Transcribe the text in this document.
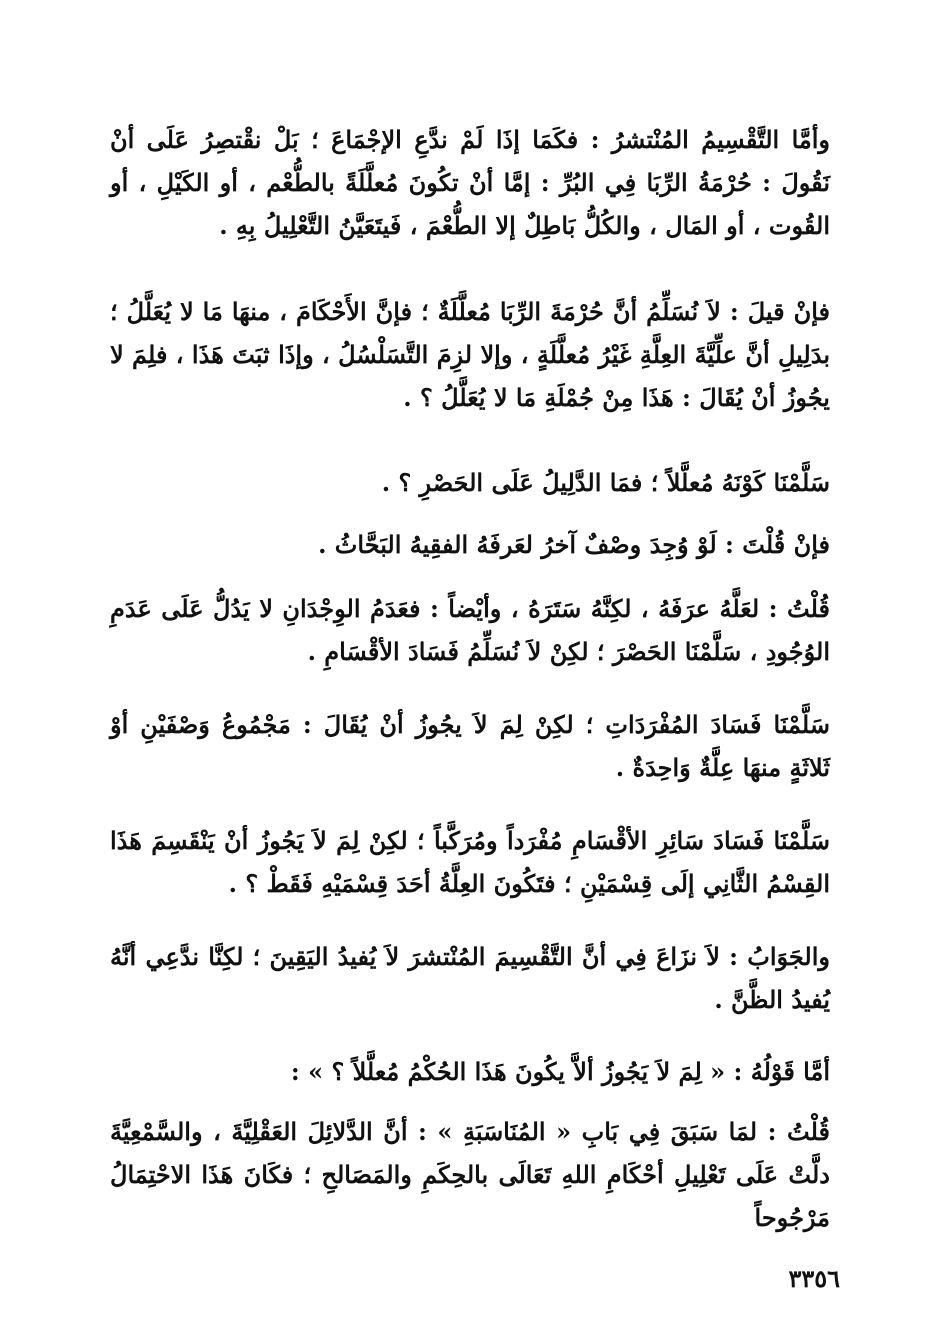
وأمَّا التَّقْسِيمُ المُنْتشرُ : فكَمَا إذَا لَمْ ندَّعِ الإجْمَاعَ ؛ بَلْ نقْتصِرُ عَلَى أنْ نَقُولَ : حُرْمَةُ الرِّبَا فِي البُرِّ : إمَّا أنْ تكُونَ مُعلَّلَةً بالطُّعْم ، أو الكَيْلِ ، أو القُوت ، أو المَال ، والكُلُّ بَاطِلٌ إلا الطُّعْمَ ، فَيتَعَيَّنُ التَّعْلِيلُ بِهِ .
فإنْ قيلَ : لاَ نُسَلِّمُ أنَّ حُرْمَةَ الرِّبَا مُعلَّلَةٌ ؛ فإنَّ الأَحْكَامَ ، منهَا مَا لا يُعَلَّلُ ؛ بدَلِيلِ أنَّ علِّيَّةَ العِلَّةِ غَيْرُ مُعلَّلَةٍ ، وإلا لزِمَ التَّسَلْسُلُ ، وإذَا ثبَتَ هَذَا ، فلِمَ لا يجُوزُ أنْ يُقَالَ : هَذَا مِنْ جُمْلَةِ مَا لا يُعَلَّلُ ؟ .
سَلَّمْنَا كَوْنَهُ مُعلَّلاً ؛ فمَا الدَّلِيلُ عَلَى الحَصْرِ ؟ .
فإنْ قُلْتَ : لَوْ وُجِدَ وصْفٌ آخرُ لعَرفَهُ الفقِيهُ البَحَّاثُ .
قُلْتُ : لعَلَّهُ عرَفَهُ ، لكِنَّهُ سَتَرَهُ ، وأيْضاً : فعَدَمُ الوِجْدَانِ لا يَدُلُّ عَلَى عَدَمِ الوُجُودِ ، سَلَّمْنَا الحَصْرَ ؛ لكِنْ لاَ نُسَلِّمُ فَسَادَ الأقْسَامِ .
سَلَّمْنَا فَسَادَ المُفْرَدَاتِ ؛ لكِنْ لِمَ لاَ يجُوزُ أنْ يُقَالَ : مَجْمُوعُ وَصْفَيْنِ أوْ ثَلاثَةٍ منهَا عِلَّةٌ وَاحِدَةٌ .
سَلَّمْنَا فَسَادَ سَائِرِ الأقْسَامِ مُفْرَداً ومُرَكَّباً ؛ لكِنْ لِمَ لاَ يَجُوزُ أنْ يَنْقَسِمَ هَذَا القِسْمُ الثَّانِي إلَى قِسْمَيْنِ ؛ فتَكُونَ العِلَّةُ أحَدَ قِسْمَيْهِ فَقَطْ ؟ .
والجَوَابُ : لاَ نزَاعَ فِي أنَّ التَّقْسِيمَ المُنْتشرَ لاَ يُفيدُ اليَقِينَ ؛ لكِنَّا ندَّعِي أنَّهُ يُفيدُ الظَّنَّ .
أمَّا قَوْلُهُ : « لِمَ لاَ يَجُوزُ ألاَّ يكُونَ هَذَا الحُكْمُ مُعلَّلاً ؟ » :
قُلْتُ : لمَا سَبَقَ فِي بَابِ « المُنَاسَبَةِ » : أنَّ الدَّلائِلَ العَقْلِيَّةَ ، والسَّمْعِيَّةَ دلَّتْ عَلَى تَعْلِيلِ أحْكَامِ اللهِ تَعَالَى بالحِكَمِ والمَصَالحِ ؛ فكَانَ هَذَا الاحْتِمَالُ مَرْجُوحاً
٣٣٥٦
